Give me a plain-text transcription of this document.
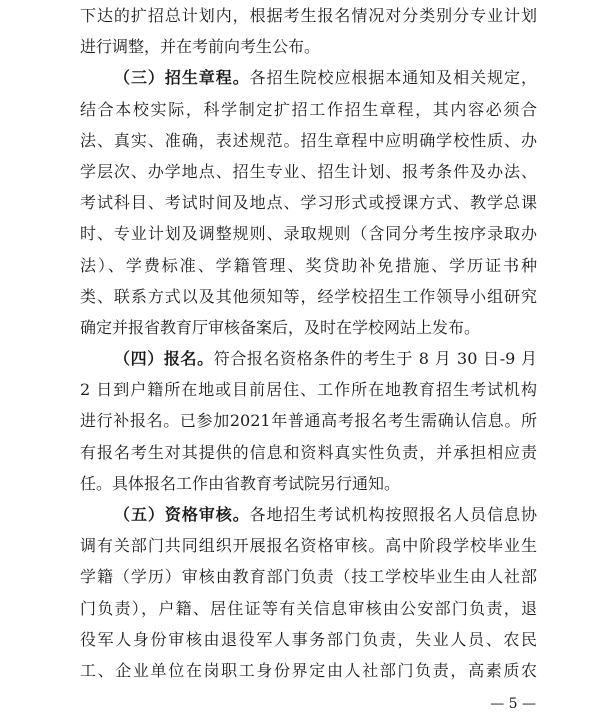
下达的扩招总计划内，根据考生报名情况对分类别分专业计划
进行调整，并在考前向考生公布。
（三）招生章程。各招生院校应根据本通知及相关规定，
结合本校实际，科学制定扩招工作招生章程，其内容必须合
法、真实、准确，表述规范。招生章程中应明确学校性质、办
学层次、办学地点、招生专业、招生计划、报考条件及办法、
考试科目、考试时间及地点、学习形式或授课方式、教学总课
时、专业计划及调整规则、录取规则（含同分考生按序录取办
法）、学费标准、学籍管理、奖贷助补免措施、学历证书种
类、联系方式以及其他须知等，经学校招生工作领导小组研究
确定并报省教育厅审核备案后，及时在学校网站上发布。
（四）报名。符合报名资格条件的考生于 8 月 30 日-9 月
2 日到户籍所在地或目前居住、工作所在地教育招生考试机构
进行补报名。已参加2021年普通高考报名考生需确认信息。所
有报名考生对其提供的信息和资料真实性负责，并承担相应责
任。具体报名工作由省教育考试院另行通知。
（五）资格审核。各地招生考试机构按照报名人员信息协
调有关部门共同组织开展报名资格审核。高中阶段学校毕业生
学籍（学历）审核由教育部门负责（技工学校毕业生由人社部
门负责），户籍、居住证等有关信息审核由公安部门负责，退
役军人身份审核由退役军人事务部门负责，失业人员、农民
工、企业单位在岗职工身份界定由人社部门负责，高素质农
— 5 —
